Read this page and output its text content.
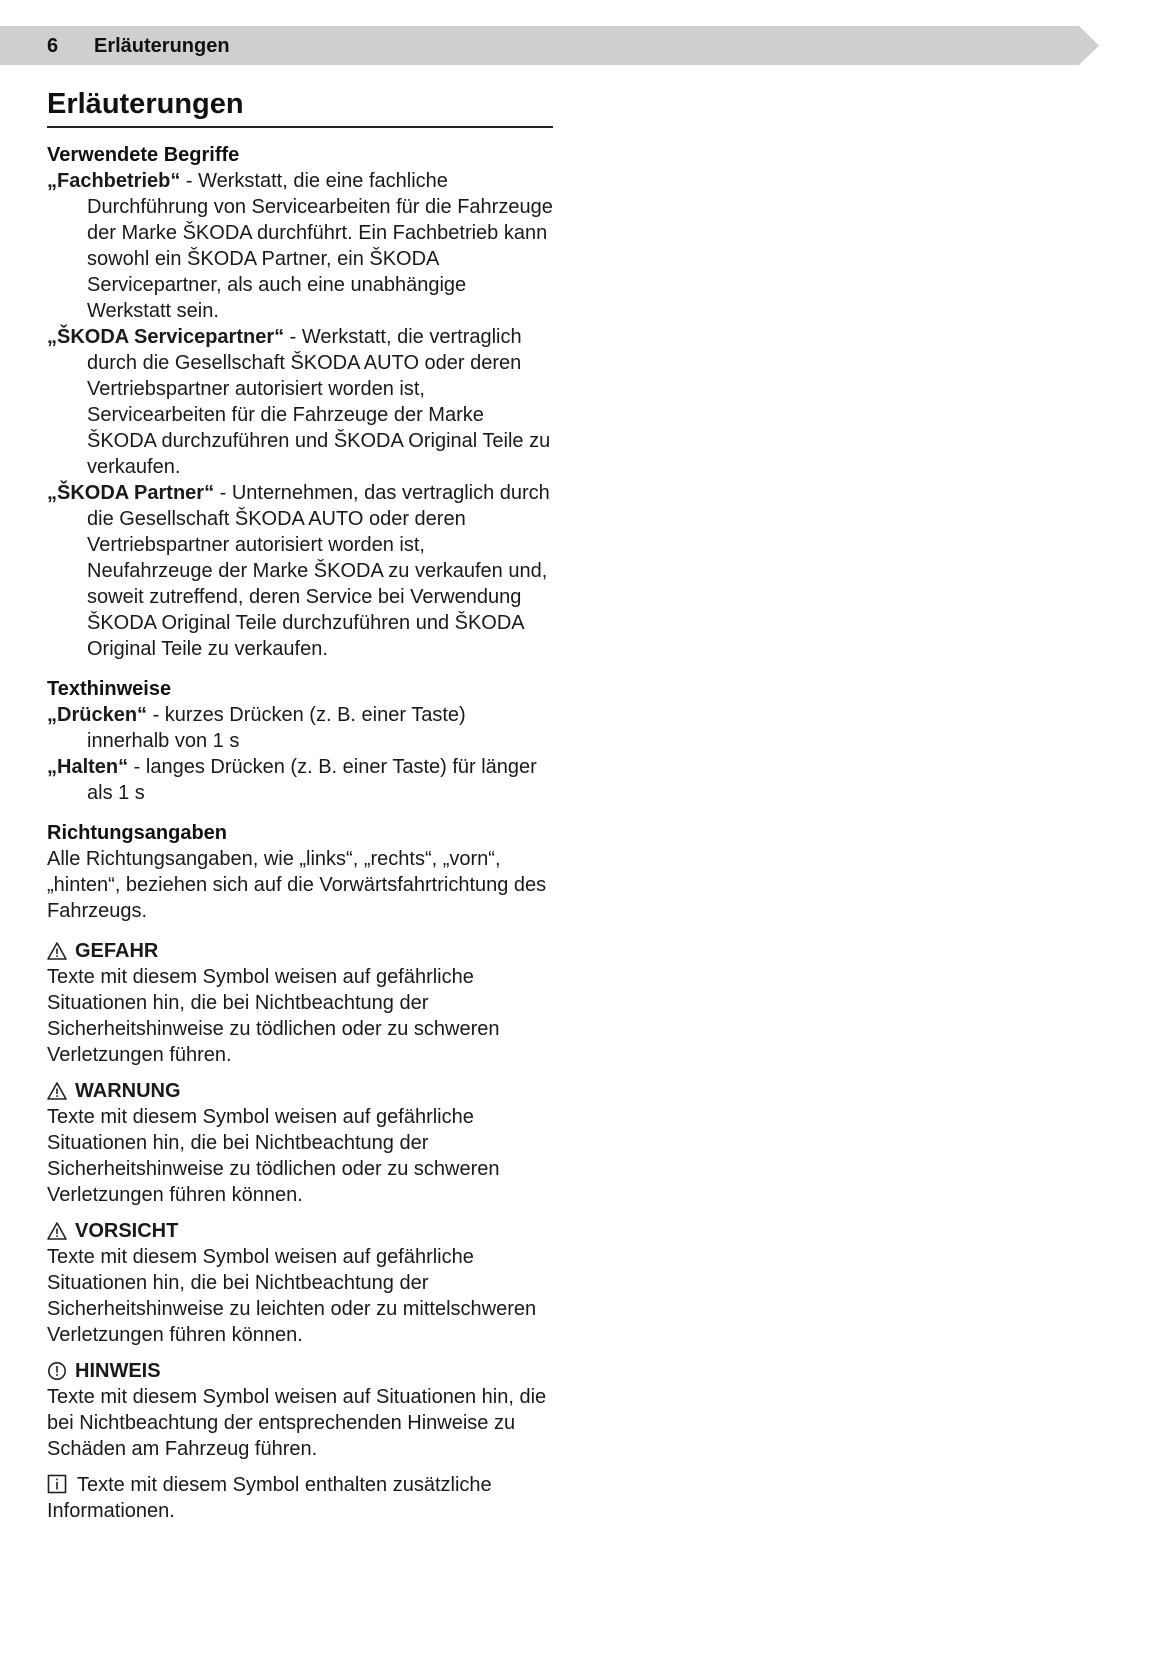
6 Erläuterungen
Erläuterungen
Verwendete Begriffe
„Fachbetrieb“ - Werkstatt, die eine fachliche Durchführung von Servicearbeiten für die Fahrzeuge der Marke ŠKODA durchführt. Ein Fachbetrieb kann sowohl ein ŠKODA Partner, ein ŠKODA Servicepartner, als auch eine unabhängige Werkstatt sein.
„ŠKODA Servicepartner“ - Werkstatt, die vertraglich durch die Gesellschaft ŠKODA AUTO oder deren Vertriebspartner autorisiert worden ist, Servicearbeiten für die Fahrzeuge der Marke ŠKODA durchzuführen und ŠKODA Original Teile zu verkaufen.
„ŠKODA Partner“ - Unternehmen, das vertraglich durch die Gesellschaft ŠKODA AUTO oder deren Vertriebspartner autorisiert worden ist, Neufahrzeuge der Marke ŠKODA zu verkaufen und, soweit zutreffend, deren Service bei Verwendung ŠKODA Original Teile durchzuführen und ŠKODA Original Teile zu verkaufen.
Texthinweise
„Drücken“ - kurzes Drücken (z. B. einer Taste) innerhalb von 1 s
„Halten“ - langes Drücken (z. B. einer Taste) für länger als 1 s
Richtungsangaben

Alle Richtungsangaben, wie „links“, „rechts“, „vorn“, „hinten“, beziehen sich auf die Vorwärtsfahrtrichtung des Fahrzeugs.

GEFAHR

Texte mit diesem Symbol weisen auf gefährliche Situationen hin, die bei Nichtbeachtung der Sicherheitshinweise zu tödlichen oder zu schweren Verletzungen führen.

WARNUNG

Texte mit diesem Symbol weisen auf gefährliche Situationen hin, die bei Nichtbeachtung der Sicherheitshinweise zu tödlichen oder zu schweren Verletzungen führen können.

VORSICHT

Texte mit diesem Symbol weisen auf gefährliche Situationen hin, die bei Nichtbeachtung der Sicherheitshinweise zu leichten oder zu mittelschweren Verletzungen führen können.

HINWEIS

Texte mit diesem Symbol weisen auf Situationen hin, die bei Nichtbeachtung der entsprechenden Hinweise zu Schäden am Fahrzeug führen.

Texte mit diesem Symbol enthalten zusätzliche Informationen.
